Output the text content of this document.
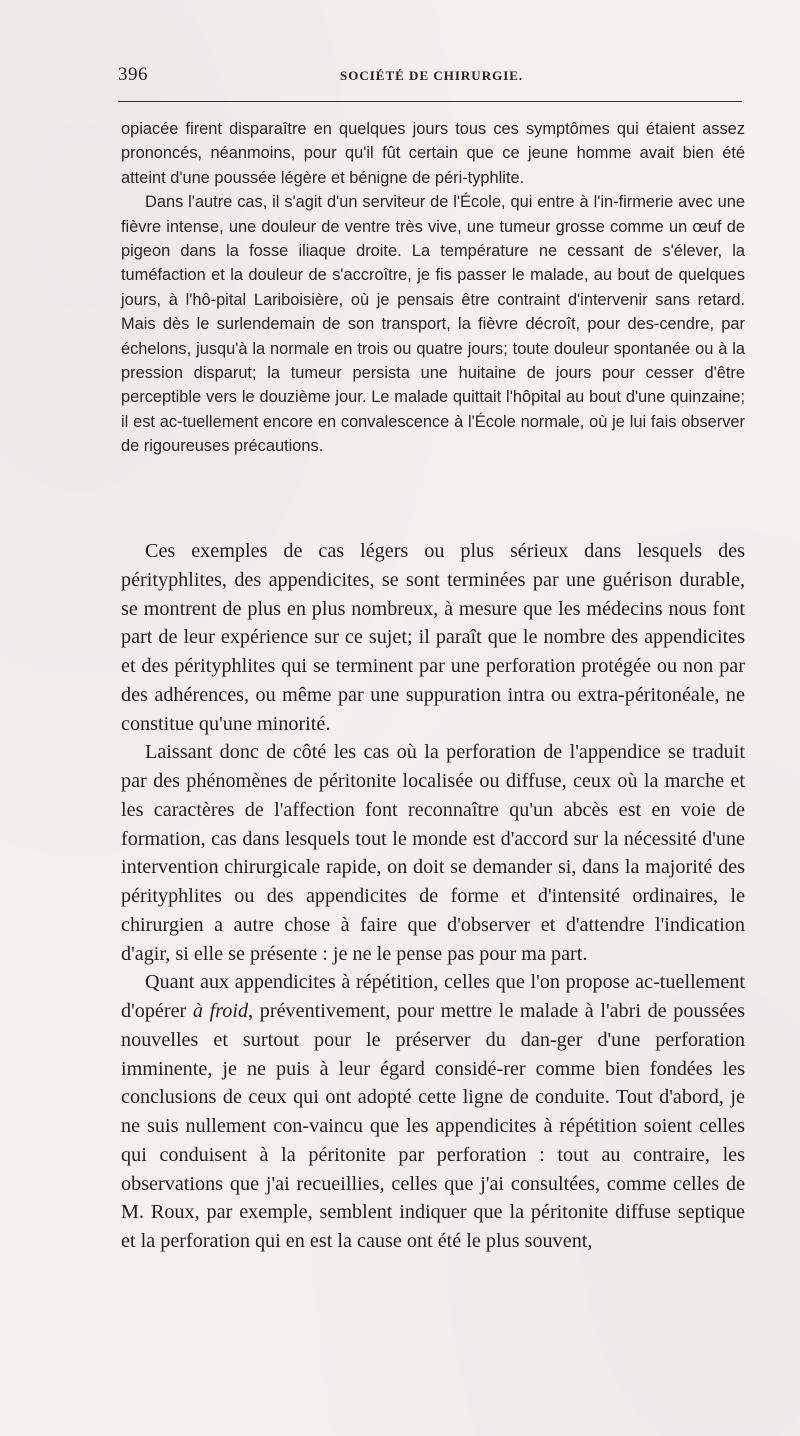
396	SOCIÉTÉ DE CHIRURGIE.

opiacée firent disparaître en quelques jours tous ces symptômes qui étaient assez prononcés, néanmoins, pour qu'il fût certain que ce jeune homme avait bien été atteint d'une poussée légère et bénigne de péri-typhlite.

Dans l'autre cas, il s'agit d'un serviteur de l'École, qui entre à l'in-firmerie avec une fièvre intense, une douleur de ventre très vive, une tumeur grosse comme un œuf de pigeon dans la fosse iliaque droite. La température ne cessant de s'élever, la tuméfaction et la douleur de s'accroître, je fis passer le malade, au bout de quelques jours, à l'hô-pital Lariboisière, où je pensais être contraint d'intervenir sans retard. Mais dès le surlendemain de son transport, la fièvre décroît, pour des-cendre, par échelons, jusqu'à la normale en trois ou quatre jours; toute douleur spontanée ou à la pression disparut; la tumeur persista une huitaine de jours pour cesser d'être perceptible vers le douzième jour. Le malade quittait l'hôpital au bout d'une quinzaine; il est ac-tuellement encore en convalescence à l'École normale, où je lui fais observer de rigoureuses précautions.

Ces exemples de cas légers ou plus sérieux dans lesquels des pérityphlites, des appendicites, se sont terminées par une guérison durable, se montrent de plus en plus nombreux, à mesure que les médecins nous font part de leur expérience sur ce sujet; il paraît que le nombre des appendicites et des pérityphlites qui se terminent par une perforation protégée ou non par des adhérences, ou même par une suppuration intra ou extra-péritonéale, ne constitue qu'une minorité.

Laissant donc de côté les cas où la perforation de l'appendice se traduit par des phénomènes de péritonite localisée ou diffuse, ceux où la marche et les caractères de l'affection font reconnaître qu'un abcès est en voie de formation, cas dans lesquels tout le monde est d'accord sur la nécessité d'une intervention chirurgicale rapide, on doit se demander si, dans la majorité des pérityphlites ou des appendicites de forme et d'intensité ordinaires, le chirurgien a autre chose à faire que d'observer et d'attendre l'indication d'agir, si elle se présente : je ne le pense pas pour ma part.

Quant aux appendicites à répétition, celles que l'on propose ac-tuellement d'opérer à froid, préventivement, pour mettre le malade à l'abri de poussées nouvelles et surtout pour le préserver du dan-ger d'une perforation imminente, je ne puis à leur égard considé-rer comme bien fondées les conclusions de ceux qui ont adopté cette ligne de conduite. Tout d'abord, je ne suis nullement con-vaincu que les appendicites à répétition soient celles qui conduisent à la péritonite par perforation : tout au contraire, les observations que j'ai recueillies, celles que j'ai consultées, comme celles de M. Roux, par exemple, semblent indiquer que la péritonite diffuse septique et la perforation qui en est la cause ont été le plus souvent,
